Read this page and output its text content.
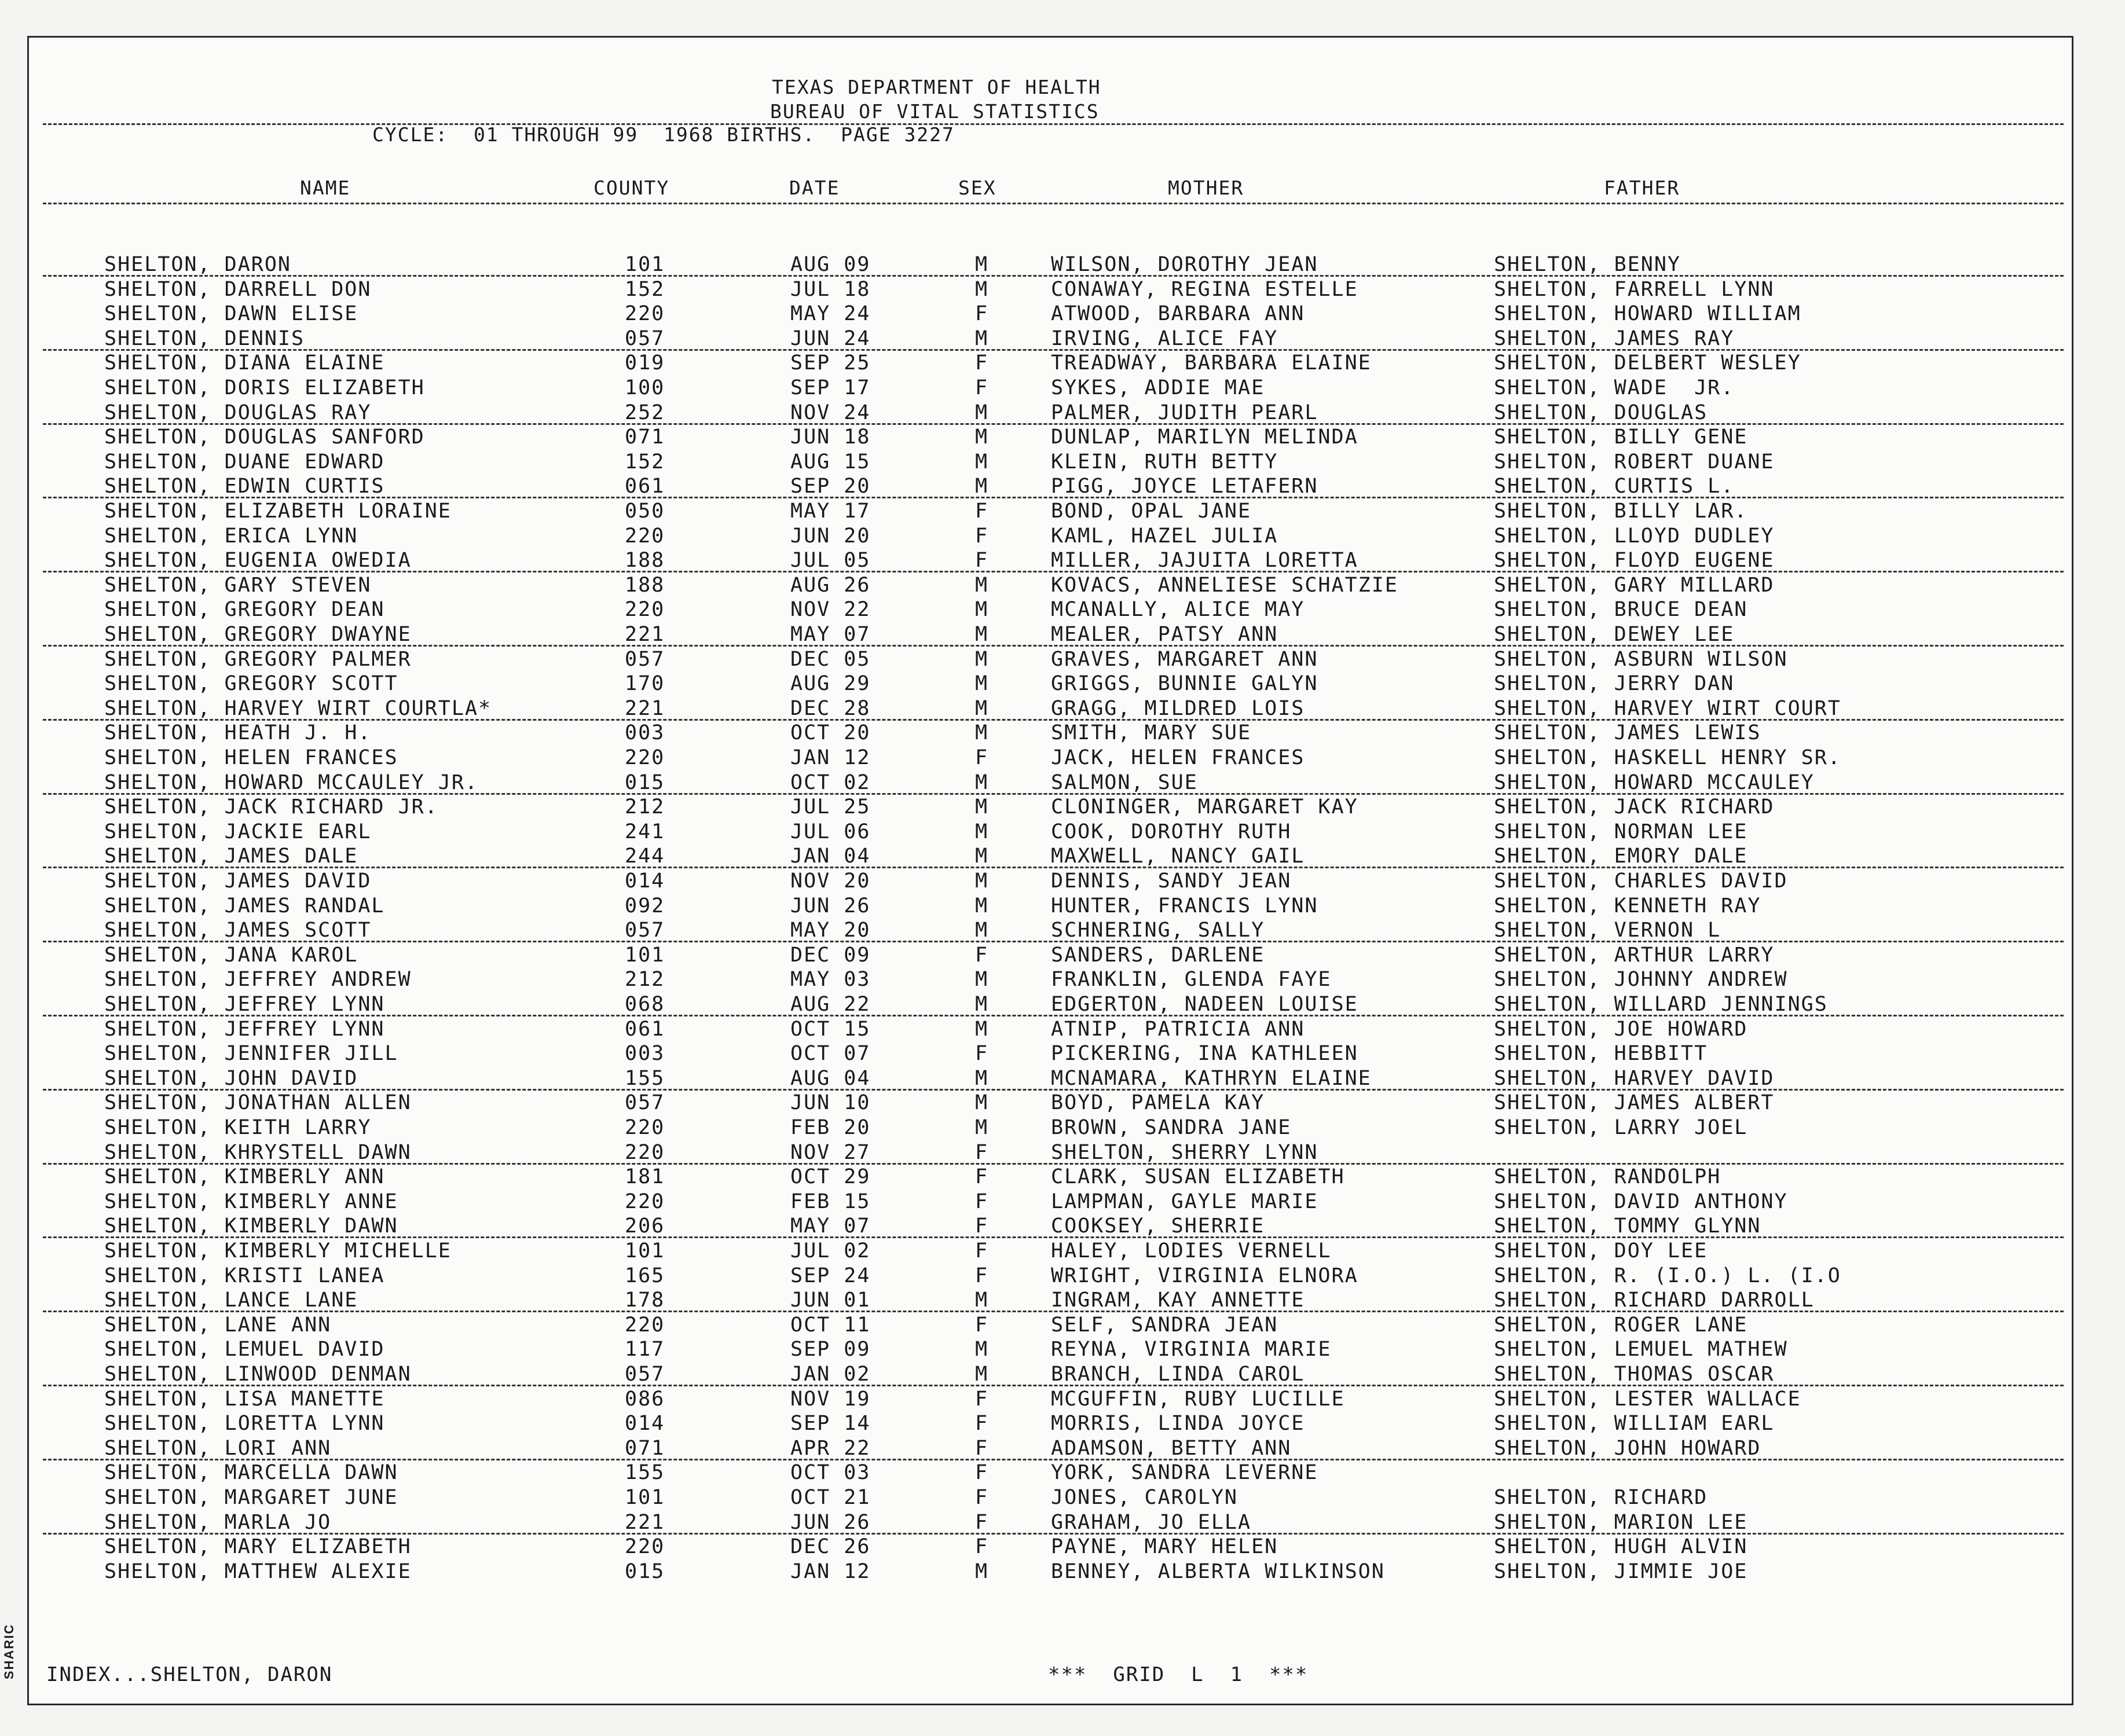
SHARIC
TEXAS DEPARTMENT OF HEALTH
BUREAU OF VITAL STATISTICS
CYCLE:  01 THROUGH 99  1968 BIRTHS.  PAGE 3227
NAME	COUNTY	DATE	SEX	MOTHER	FATHER
SHELTON, DARON	101	AUG 09	M	WILSON, DOROTHY JEAN	SHELTON, BENNY
SHELTON, DARRELL DON	152	JUL 18	M	CONAWAY, REGINA ESTELLE	SHELTON, FARRELL LYNN
SHELTON, DAWN ELISE	220	MAY 24	F	ATWOOD, BARBARA ANN	SHELTON, HOWARD WILLIAM
SHELTON, DENNIS	057	JUN 24	M	IRVING, ALICE FAY	SHELTON, JAMES RAY
SHELTON, DIANA ELAINE	019	SEP 25	F	TREADWAY, BARBARA ELAINE	SHELTON, DELBERT WESLEY
SHELTON, DORIS ELIZABETH	100	SEP 17	F	SYKES, ADDIE MAE	SHELTON, WADE  JR.
SHELTON, DOUGLAS RAY	252	NOV 24	M	PALMER, JUDITH PEARL	SHELTON, DOUGLAS
SHELTON, DOUGLAS SANFORD	071	JUN 18	M	DUNLAP, MARILYN MELINDA	SHELTON, BILLY GENE
SHELTON, DUANE EDWARD	152	AUG 15	M	KLEIN, RUTH BETTY	SHELTON, ROBERT DUANE
SHELTON, EDWIN CURTIS	061	SEP 20	M	PIGG, JOYCE LETAFERN	SHELTON, CURTIS L.
SHELTON, ELIZABETH LORAINE	050	MAY 17	F	BOND, OPAL JANE	SHELTON, BILLY LAR.
SHELTON, ERICA LYNN	220	JUN 20	F	KAML, HAZEL JULIA	SHELTON, LLOYD DUDLEY
SHELTON, EUGENIA OWEDIA	188	JUL 05	F	MILLER, JAJUITA LORETTA	SHELTON, FLOYD EUGENE
SHELTON, GARY STEVEN	188	AUG 26	M	KOVACS, ANNELIESE SCHATZIE	SHELTON, GARY MILLARD
SHELTON, GREGORY DEAN	220	NOV 22	M	MCANALLY, ALICE MAY	SHELTON, BRUCE DEAN
SHELTON, GREGORY DWAYNE	221	MAY 07	M	MEALER, PATSY ANN	SHELTON, DEWEY LEE
SHELTON, GREGORY PALMER	057	DEC 05	M	GRAVES, MARGARET ANN	SHELTON, ASBURN WILSON
SHELTON, GREGORY SCOTT	170	AUG 29	M	GRIGGS, BUNNIE GALYN	SHELTON, JERRY DAN
SHELTON, HARVEY WIRT COURTLA*	221	DEC 28	M	GRAGG, MILDRED LOIS	SHELTON, HARVEY WIRT COURT
SHELTON, HEATH J. H.	003	OCT 20	M	SMITH, MARY SUE	SHELTON, JAMES LEWIS
SHELTON, HELEN FRANCES	220	JAN 12	F	JACK, HELEN FRANCES	SHELTON, HASKELL HENRY SR.
SHELTON, HOWARD MCCAULEY JR.	015	OCT 02	M	SALMON, SUE	SHELTON, HOWARD MCCAULEY
SHELTON, JACK RICHARD JR.	212	JUL 25	M	CLONINGER, MARGARET KAY	SHELTON, JACK RICHARD
SHELTON, JACKIE EARL	241	JUL 06	M	COOK, DOROTHY RUTH	SHELTON, NORMAN LEE
SHELTON, JAMES DALE	244	JAN 04	M	MAXWELL, NANCY GAIL	SHELTON, EMORY DALE
SHELTON, JAMES DAVID	014	NOV 20	M	DENNIS, SANDY JEAN	SHELTON, CHARLES DAVID
SHELTON, JAMES RANDAL	092	JUN 26	M	HUNTER, FRANCIS LYNN	SHELTON, KENNETH RAY
SHELTON, JAMES SCOTT	057	MAY 20	M	SCHNERING, SALLY	SHELTON, VERNON L
SHELTON, JANA KAROL	101	DEC 09	F	SANDERS, DARLENE	SHELTON, ARTHUR LARRY
SHELTON, JEFFREY ANDREW	212	MAY 03	M	FRANKLIN, GLENDA FAYE	SHELTON, JOHNNY ANDREW
SHELTON, JEFFREY LYNN	068	AUG 22	M	EDGERTON, NADEEN LOUISE	SHELTON, WILLARD JENNINGS
SHELTON, JEFFREY LYNN	061	OCT 15	M	ATNIP, PATRICIA ANN	SHELTON, JOE HOWARD
SHELTON, JENNIFER JILL	003	OCT 07	F	PICKERING, INA KATHLEEN	SHELTON, HEBBITT
SHELTON, JOHN DAVID	155	AUG 04	M	MCNAMARA, KATHRYN ELAINE	SHELTON, HARVEY DAVID
SHELTON, JONATHAN ALLEN	057	JUN 10	M	BOYD, PAMELA KAY	SHELTON, JAMES ALBERT
SHELTON, KEITH LARRY	220	FEB 20	M	BROWN, SANDRA JANE	SHELTON, LARRY JOEL
SHELTON, KHRYSTELL DAWN	220	NOV 27	F	SHELTON, SHERRY LYNN
SHELTON, KIMBERLY ANN	181	OCT 29	F	CLARK, SUSAN ELIZABETH	SHELTON, RANDOLPH
SHELTON, KIMBERLY ANNE	220	FEB 15	F	LAMPMAN, GAYLE MARIE	SHELTON, DAVID ANTHONY
SHELTON, KIMBERLY DAWN	206	MAY 07	F	COOKSEY, SHERRIE	SHELTON, TOMMY GLYNN
SHELTON, KIMBERLY MICHELLE	101	JUL 02	F	HALEY, LODIES VERNELL	SHELTON, DOY LEE
SHELTON, KRISTI LANEA	165	SEP 24	F	WRIGHT, VIRGINIA ELNORA	SHELTON, R. (I.O.) L. (I.O
SHELTON, LANCE LANE	178	JUN 01	M	INGRAM, KAY ANNETTE	SHELTON, RICHARD DARROLL
SHELTON, LANE ANN	220	OCT 11	F	SELF, SANDRA JEAN	SHELTON, ROGER LANE
SHELTON, LEMUEL DAVID	117	SEP 09	M	REYNA, VIRGINIA MARIE	SHELTON, LEMUEL MATHEW
SHELTON, LINWOOD DENMAN	057	JAN 02	M	BRANCH, LINDA CAROL	SHELTON, THOMAS OSCAR
SHELTON, LISA MANETTE	086	NOV 19	F	MCGUFFIN, RUBY LUCILLE	SHELTON, LESTER WALLACE
SHELTON, LORETTA LYNN	014	SEP 14	F	MORRIS, LINDA JOYCE	SHELTON, WILLIAM EARL
SHELTON, LORI ANN	071	APR 22	F	ADAMSON, BETTY ANN	SHELTON, JOHN HOWARD
SHELTON, MARCELLA DAWN	155	OCT 03	F	YORK, SANDRA LEVERNE
SHELTON, MARGARET JUNE	101	OCT 21	F	JONES, CAROLYN	SHELTON, RICHARD
SHELTON, MARLA JO	221	JUN 26	F	GRAHAM, JO ELLA	SHELTON, MARION LEE
SHELTON, MARY ELIZABETH	220	DEC 26	F	PAYNE, MARY HELEN	SHELTON, HUGH ALVIN
SHELTON, MATTHEW ALEXIE	015	JAN 12	M	BENNEY, ALBERTA WILKINSON	SHELTON, JIMMIE JOE
INDEX...SHELTON, DARON	***  GRID  L  1  ***
